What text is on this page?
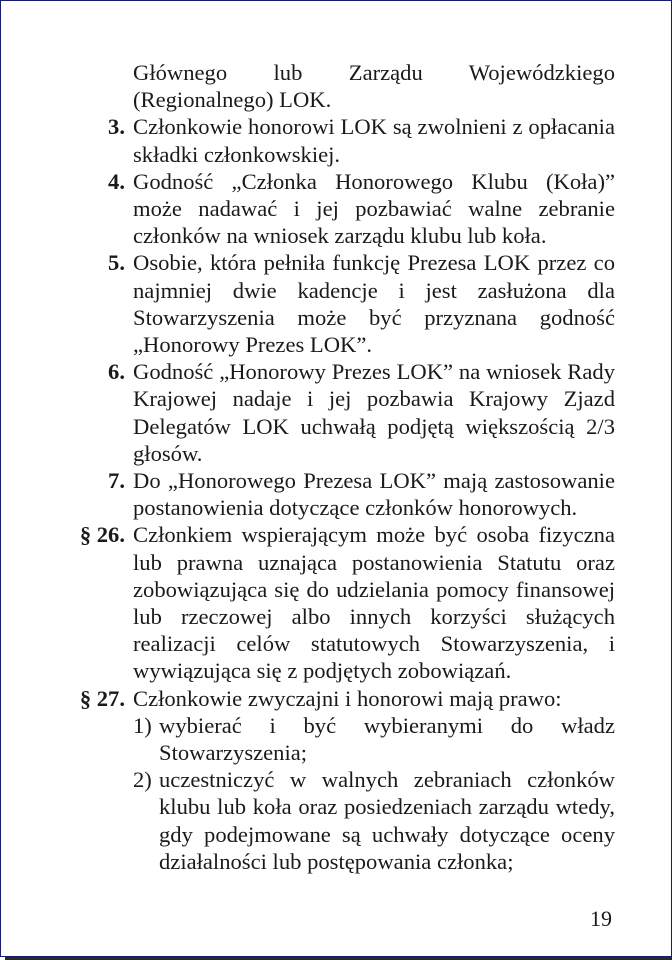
Głównego lub Zarządu Wojewódzkiego (Regionalnego) LOK.

3. Członkowie honorowi LOK są zwolnieni z opłacania składki członkowskiej.

4. Godność „Członka Honorowego Klubu (Koła)” może nadawać i jej pozbawiać walne zebranie członków na wniosek zarządu klubu lub koła.

5. Osobie, która pełniła funkcję Prezesa LOK przez co najmniej dwie kadencje i jest zasłużona dla Stowarzyszenia może być przyznana godność „Honorowy Prezes LOK”.

6. Godność „Honorowy Prezes LOK” na wniosek Rady Krajowej nadaje i jej pozbawia Krajowy Zjazd Delegatów LOK uchwałą podjętą większością 2/3 głosów.

7. Do „Honorowego Prezesa LOK” mają zastosowanie postanowienia dotyczące członków honorowych.

§ 26. Członkiem wspierającym może być osoba fizyczna lub prawna uznająca postanowienia Statutu oraz zobowiązująca się do udzielania pomocy finansowej lub rzeczowej albo innych korzyści służących realizacji celów statutowych Stowarzyszenia, i wywiązująca się z podjętych zobowiązań.

§ 27. Członkowie zwyczajni i honorowi mają prawo:

1) wybierać i być wybieranymi do władz Stowarzyszenia;

2) uczestniczyć w walnych zebraniach członków klubu lub koła oraz posiedzeniach zarządu wtedy, gdy podejmowane są uchwały dotyczące oceny działalności lub postępowania członka;

19
